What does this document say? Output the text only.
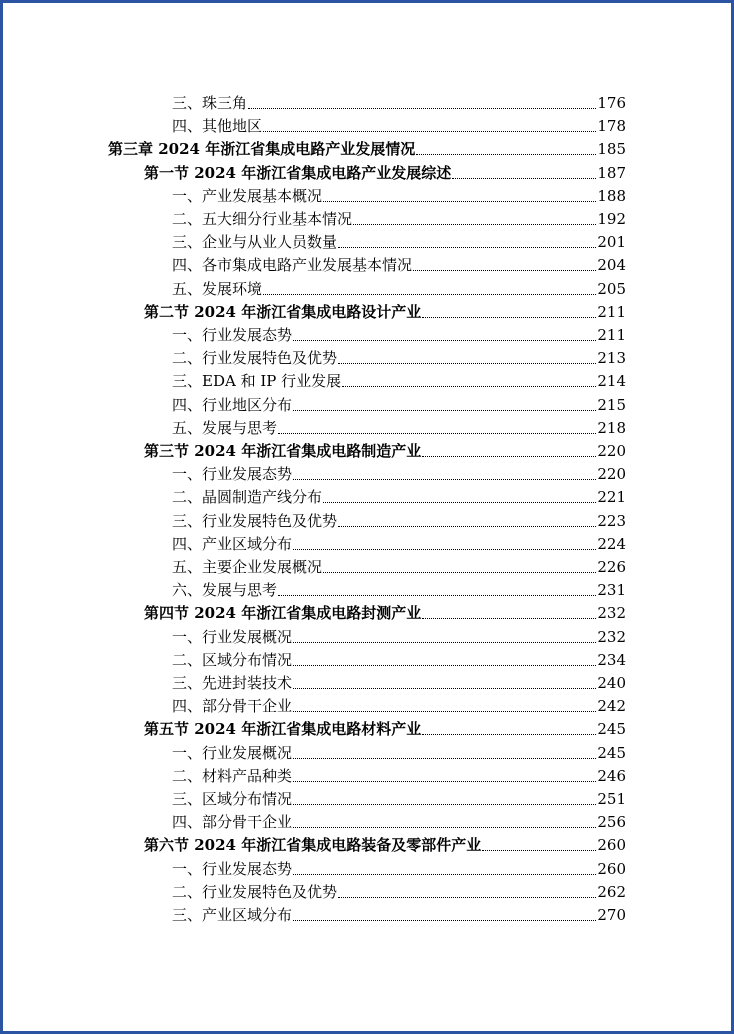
三、珠三角	176
四、其他地区	178
第三章 2024 年浙江省集成电路产业发展情况	185
第一节 2024 年浙江省集成电路产业发展综述	187
一、产业发展基本概况	188
二、五大细分行业基本情况	192
三、企业与从业人员数量	201
四、各市集成电路产业发展基本情况	204
五、发展环境	205
第二节 2024 年浙江省集成电路设计产业	211
一、行业发展态势	211
二、行业发展特色及优势	213
三、EDA 和 IP 行业发展	214
四、行业地区分布	215
五、发展与思考	218
第三节 2024 年浙江省集成电路制造产业	220
一、行业发展态势	220
二、晶圆制造产线分布	221
三、行业发展特色及优势	223
四、产业区域分布	224
五、主要企业发展概况	226
六、发展与思考	231
第四节 2024 年浙江省集成电路封测产业	232
一、行业发展概况	232
二、区域分布情况	234
三、先进封装技术	240
四、部分骨干企业	242
第五节 2024 年浙江省集成电路材料产业	245
一、行业发展概况	245
二、材料产品种类	246
三、区域分布情况	251
四、部分骨干企业	256
第六节 2024 年浙江省集成电路装备及零部件产业	260
一、行业发展态势	260
二、行业发展特色及优势	262
三、产业区域分布	270
